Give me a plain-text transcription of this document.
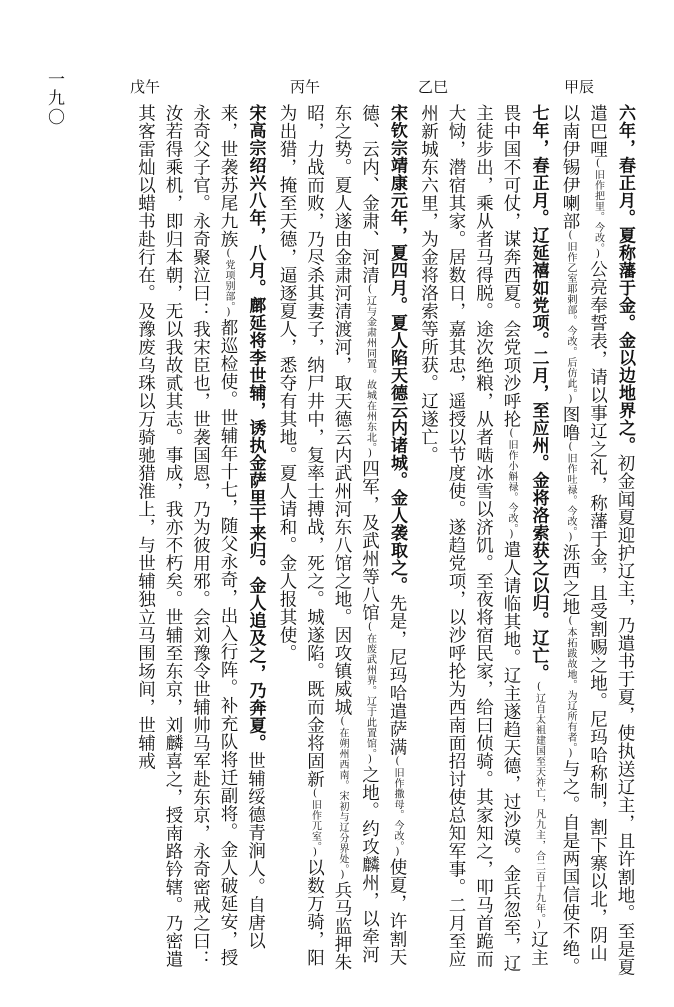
一九〇	甲辰
乙巳
丙午
戊午

六年，春正月。夏称藩于金。金以边地界之。初金闻夏迎护辽主，乃遣书于夏，使执送辽主，且许割地。至是夏遣巴哩(旧作把里。今改。)公亮奉誓表，请以事辽之礼，称藩于金，且受割赐之地。尼玛哈称制，割下寨以北，阴山以南伊锡伊喇部(旧作乙室耶剌部。今改。后仿此。)图噜(旧作吐禄。今改。)泺西之地(本拓跋故地。为辽所有者。)与之。自是两国信使不绝。

七年，春正月。辽延禧如党项。二月，至应州。金将洛索获之以归。辽亡。(辽自太祖建国至天祚亡，凡九主，合二百十九年。)辽主畏中国不可仗，谋奔西夏。会党项沙呼抡(旧作小斛禄。今改。)遣人请临其地。辽主遂趋天德，过沙漠。金兵忽至，辽主徒步出，乘从者马得脱。途次绝粮，从者啮冰雪以济饥。至夜将宿民家，给曰侦骑。其家知之，叩马首跪而大恸，潜宿其家。居数日，嘉其忠，遥授以节度使。遂趋党项，以沙呼抡为西南面招讨使总知军事。二月至应州新城东六里，为金将洛索等所获。辽遂亡。

宋钦宗靖康元年，夏四月。夏人陷天德云内诸城。金人袭取之。先是，尼玛哈遣萨满(旧作撒母。今改。)使夏，许割天德、云内、金肃、河清(辽与金肃州同置。故城在州东北。)四军，及武州等八馆(在废武州界。辽于此置馆。)之地。约攻麟州，以牵河东之势。夏人遂由金肃河清渡河，取天德云内武州河东八馆之地。因攻镇威城(在朔州西南。宋初与辽分界处。)兵马监押朱昭，力战而败，乃尽杀其妻子，纳尸井中，复率士搏战，死之。城遂陷。既而金将固新(旧作兀室。)以数万骑，阳为出猎，掩至天德，逼逐夏人，悉夺有其地。夏人请和。金人报其使。

宋高宗绍兴八年，八月。鄜延将李世辅，诱执金萨里干来归。金人追及之，乃奔夏。世辅绥德青涧人。自唐以来，世袭苏尾九族(党项别部。)都巡检使。世辅年十七，随父永奇，出入行阵。补充队将迁副将。金人破延安，授永奇父子官。永奇聚泣曰：我宋臣也，世袭国恩，乃为彼用邪。会刘豫令世辅帅马军赴东京，永奇密戒之曰：汝若得乘机，即归本朝，无以我故贰其志。事成，我亦不朽矣。世辅至东京，刘麟喜之，授南路钤辖。乃密遣其客雷灿以蜡书赴行在。及豫废乌珠以万骑驰猎淮上，与世辅独立马围场间，世辅戒
